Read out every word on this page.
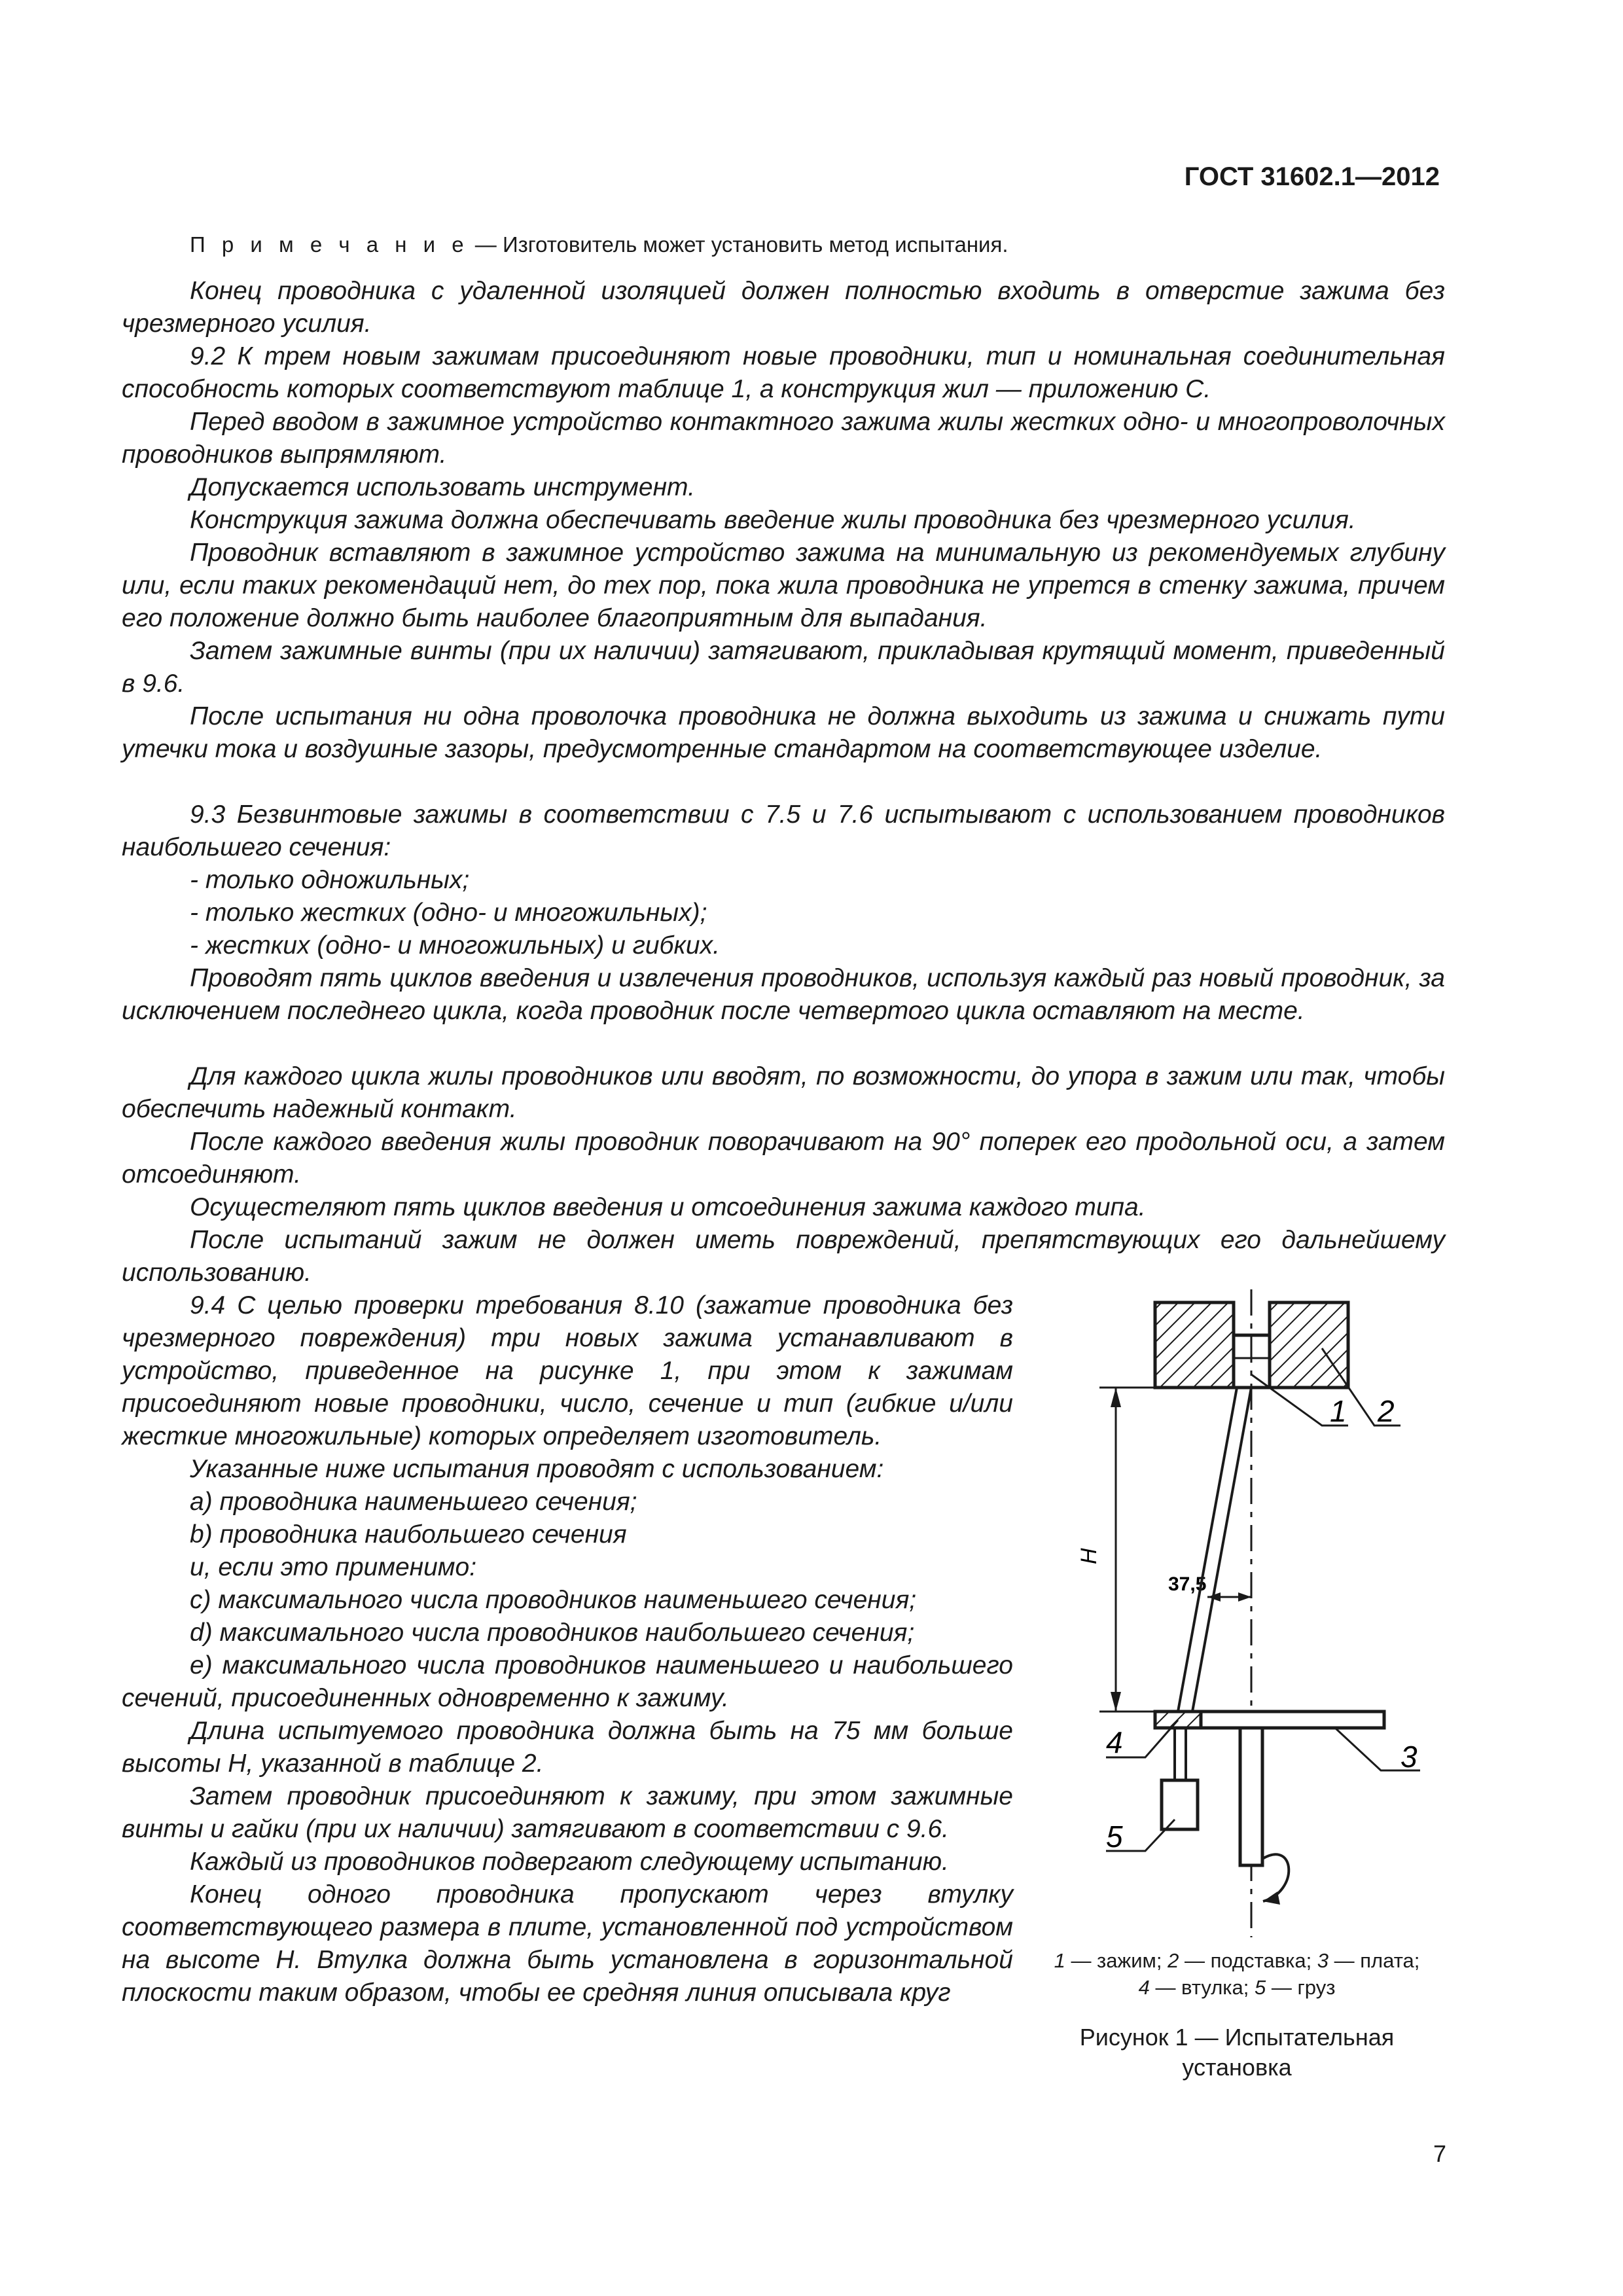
ГОСТ 31602.1—2012
П р и м е ч а н и е — Изготовитель может установить метод испытания.

Конец проводника с удаленной изоляцией должен полностью входить в отверстие зажима без чрезмерного усилия.

9.2 К трем новым зажимам присоединяют новые проводники, тип и номинальная соединительная способность которых соответствуют таблице 1, а конструкция жил — приложению С.

Перед вводом в зажимное устройство контактного зажима жилы жестких одно- и многопроволочных проводников выпрямляют.

Допускается использовать инструмент.

Конструкция зажима должна обеспечивать введение жилы проводника без чрезмерного усилия.

Проводник вставляют в зажимное устройство зажима на минимальную из рекомендуемых глубину или, если таких рекомендаций нет, до тех пор, пока жила проводника не упрется в стенку зажима, причем его положение должно быть наиболее благоприятным для выпадания.

Затем зажимные винты (при их наличии) затягивают, прикладывая крутящий момент, приведенный в 9.6.

После испытания ни одна проволочка проводника не должна выходить из зажима и снижать пути утечки тока и воздушные зазоры, предусмотренные стандартом на соответствующее изделие.

9.3 Безвинтовые зажимы в соответствии с 7.5 и 7.6 испытывают с использованием проводников наибольшего сечения:

- только одножильных;

- только жестких (одно- и многожильных);

- жестких (одно- и многожильных) и гибких.

Проводят пять циклов введения и извлечения проводников, используя каждый раз новый проводник, за исключением последнего цикла, когда проводник после четвертого цикла оставляют на месте.

Для каждого цикла жилы проводников или вводят, по возможности, до упора в зажим или так, чтобы обеспечить надежный контакт.

После каждого введения жилы проводник поворачивают на 90° поперек его продольной оси, а затем отсоединяют.

Осущестеляют пять циклов введения и отсоединения зажима каждого типа.

После испытаний зажим не должен иметь повреждений, препятствующих его дальнейшему использованию.

9.4 С целью проверки требования 8.10 (зажатие проводника без чрезмерного повреждения) три новых зажима устанавливают в устройство, приведенное на рисунке 1, при этом к зажимам присоединяют новые проводники, число, сечение и тип (гибкие и/или жесткие многожильные) которых определяет изготовитель.

Указанные ниже испытания проводят с использованием:

a) проводника наименьшего сечения;

b) проводника наибольшего сечения

и, если это применимо:

c) максимального числа проводников наименьшего сечения;

d) максимального числа проводников наибольшего сечения;

e) максимального числа проводников наименьшего и наибольшего сечений, присоединенных одновременно к зажиму.

Длина испытуемого проводника должна быть на 75 мм больше высоты H, указанной в таблице 2.

Затем проводник присоединяют к зажиму, при этом зажимные винты и гайки (при их наличии) затягивают в соответствии с 9.6.

Каждый из проводников подвергают следующему испытанию.

Конец одного проводника пропускают через втулку соответствующего размера в плите, установленной под устройством на высоте H. Втулка должна быть установлена в горизонтальной плоскости таким образом, чтобы ее средняя линия описывала круг

H
37,5
1 2
3
4
5
1 — зажим; 2 — подставка; 3 — плата;
4 — втулка; 5 — груз
Рисунок 1 — Испытательная установка
7
